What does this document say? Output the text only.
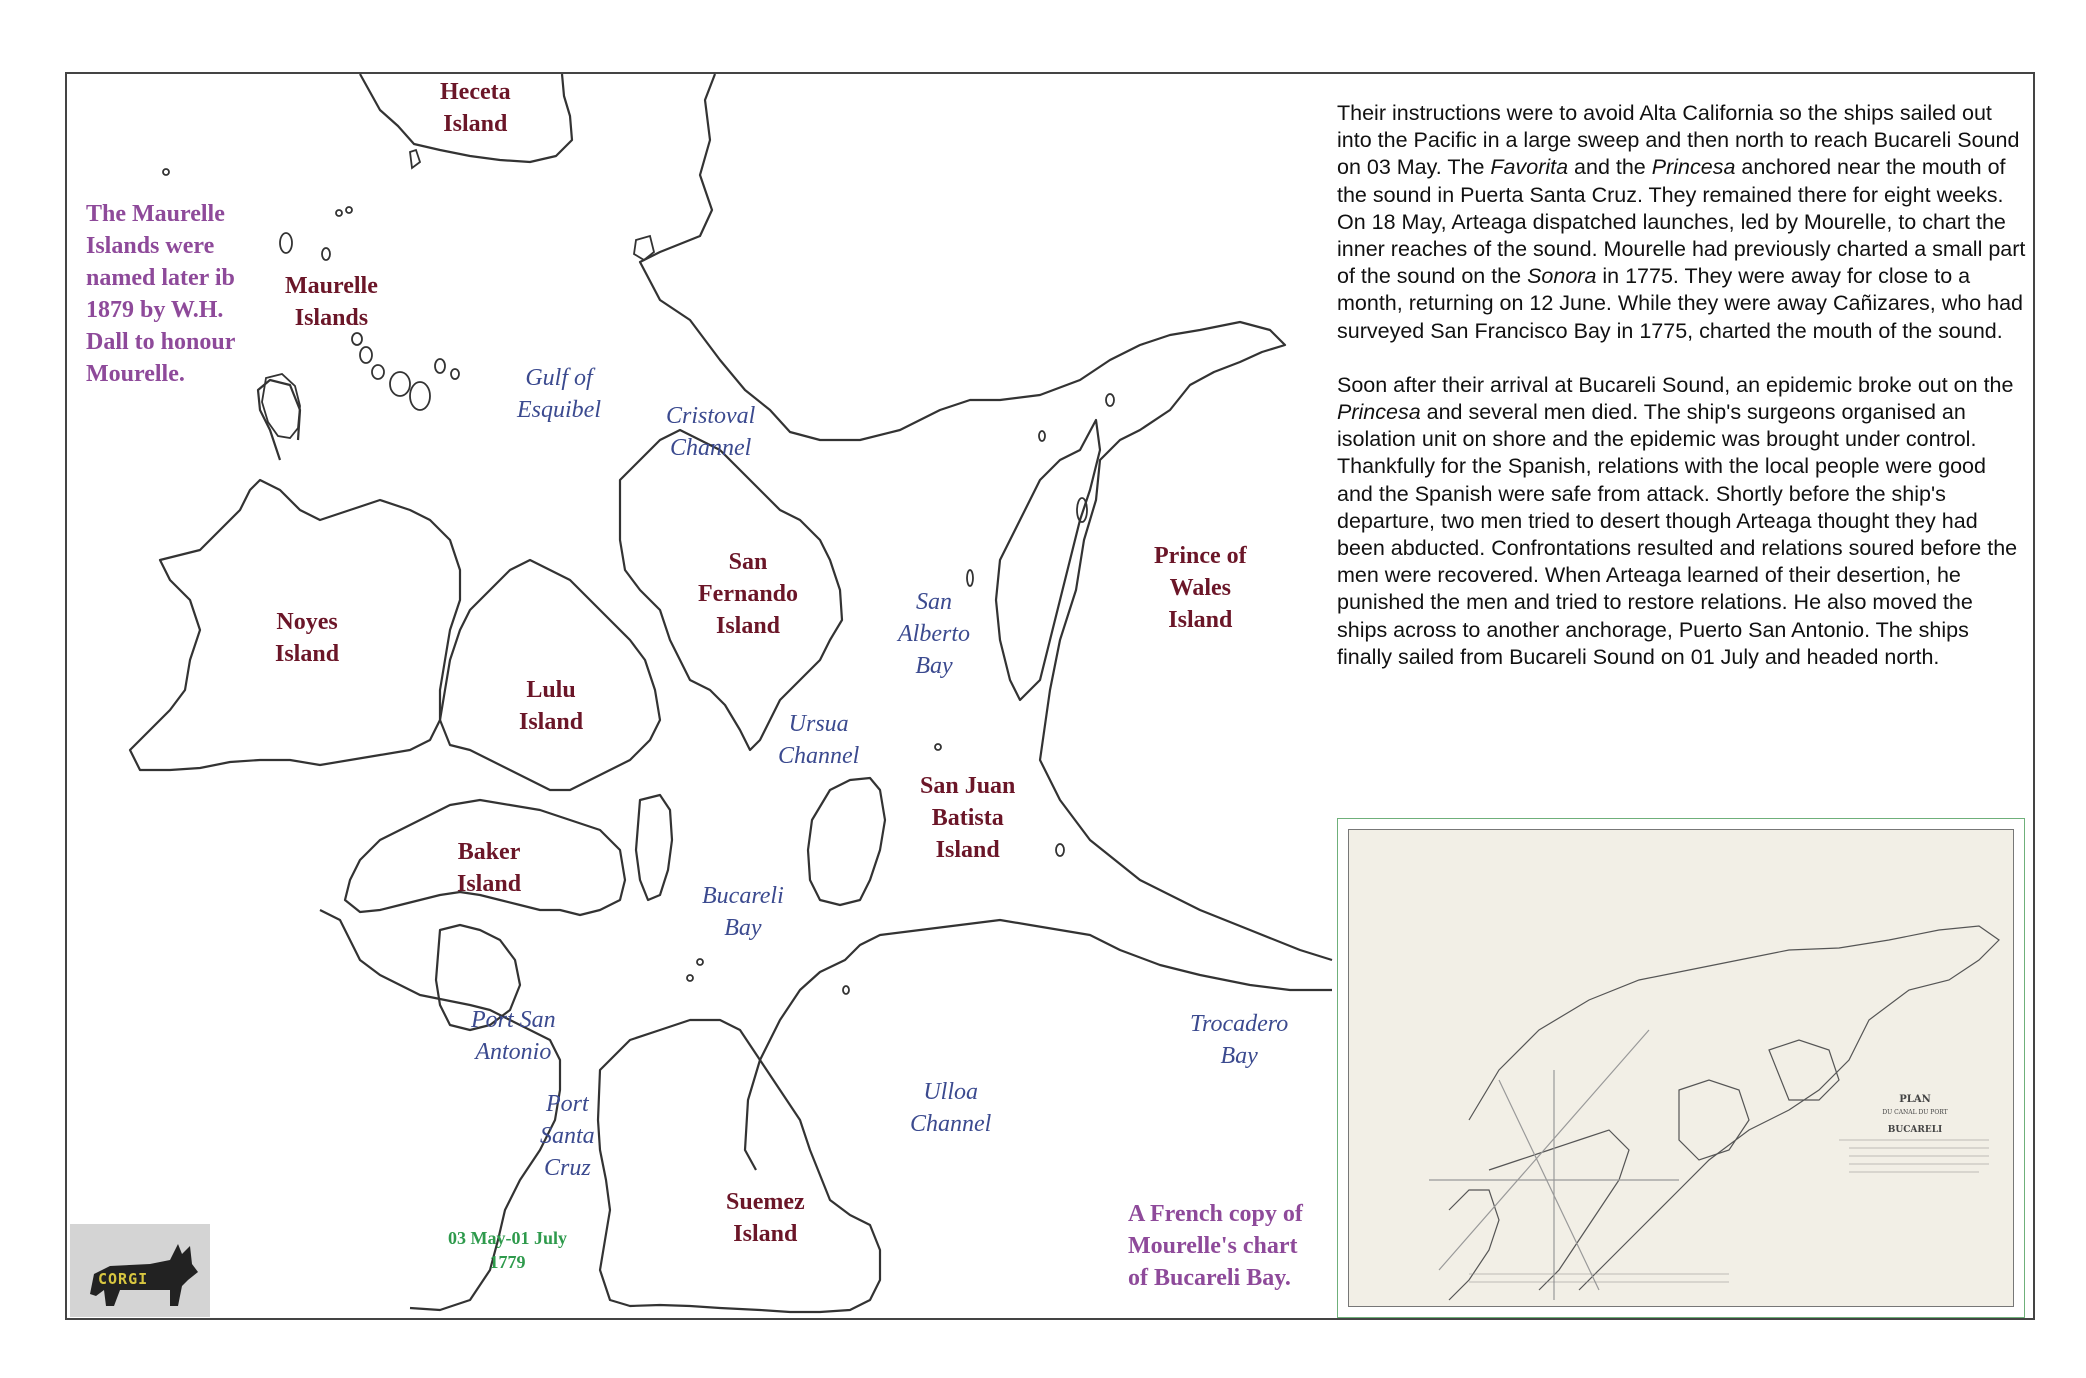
Heceta
Island
Maurelle
Islands
Noyes
Island
Lulu
Island
San
Fernando
Island
Prince of
Wales
Island
San Juan
Batista
Island
Baker
Island
Suemez
Island
Gulf of
Esquibel	Cristoval
Channel
San
Alberto
Bay
Ursua
Channel
Bucareli
Bay
Port San
Antonio
Port
Santa
Cruz
Ulloa
Channel
Trocadero
Bay
The Maurelle
Islands were
named later ib
1879 by W.H.
Dall to honour
Mourelle.
03 May-01 July
1779
A French copy of
Mourelle's chart
of Bucareli Bay.

Their instructions were to avoid Alta California so the ships sailed out into the Pacific in a large sweep and then north to reach Bucareli Sound on 03 May. The Favorita and the Princesa anchored near the mouth of the sound in Puerta Santa Cruz. They remained there for eight weeks. On 18 May, Arteaga dispatched launches, led by Mourelle, to chart the inner reaches of the sound. Mourelle had previously charted a small part of the sound on the Sonora in 1775. They were away for close to a month, returning on 12 June. While they were away Cañizares, who had surveyed San Francisco Bay in 1775, charted the mouth of the sound.

Soon after their arrival at Bucareli Sound, an epidemic broke out on the Princesa and several men died. The ship's surgeons organised an isolation unit on shore and the epidemic was brought under control. Thankfully for the Spanish, relations with the local people were good and the Spanish were safe from attack. Shortly before the ship's departure, two men tried to desert though Arteaga thought they had been abducted. Confrontations resulted and relations soured before the men were recovered. When Arteaga learned of their desertion, he punished the men and tried to restore relations. He also moved the ships across to another anchorage, Puerto San Antonio. The ships finally sailed from Bucareli Sound on 01 July and headed north.

PLAN
DU CANAL DU PORT
BUCARELI
CORGI
